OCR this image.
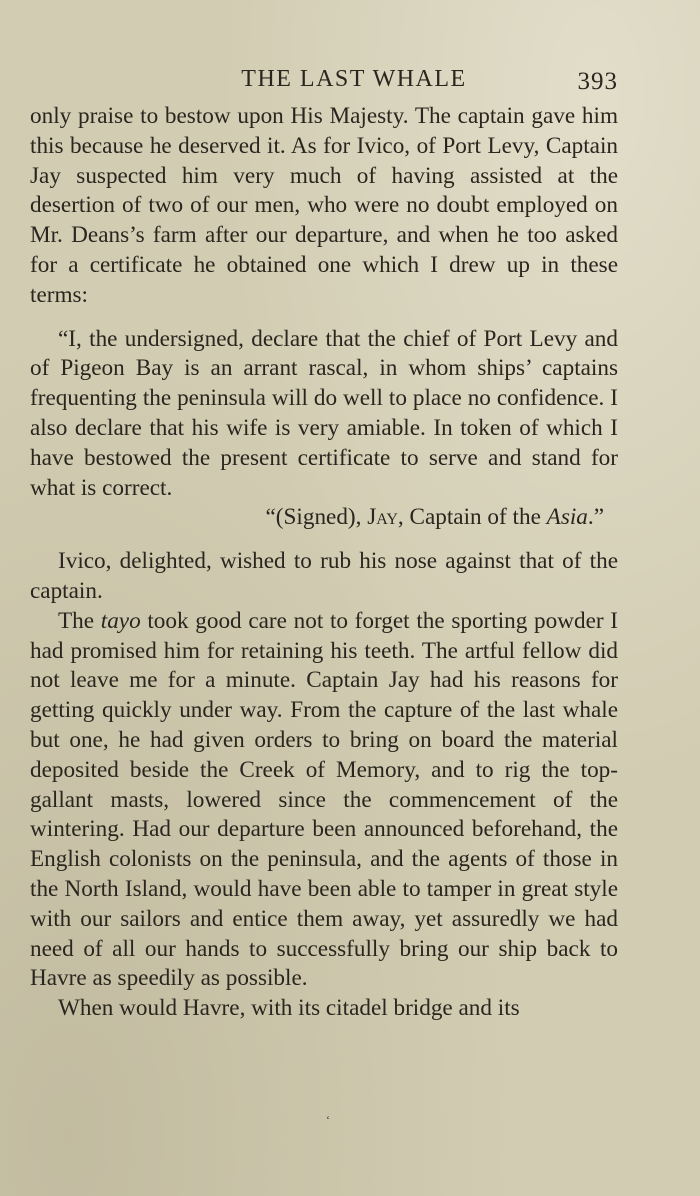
THE LAST WHALE	393

only praise to bestow upon His Majesty. The captain gave him this because he deserved it. As for Ivico, of Port Levy, Captain Jay suspected him very much of having assisted at the desertion of two of our men, who were no doubt employed on Mr. Deans’s farm after our departure, and when he too asked for a certificate he obtained one which I drew up in these terms:

“I, the undersigned, declare that the chief of Port Levy and of Pigeon Bay is an arrant rascal, in whom ships’ captains frequenting the peninsula will do well to place no confidence. I also declare that his wife is very amiable. In token of which I have bestowed the present certificate to serve and stand for what is correct.

“(Signed), Jay, Captain of the Asia.”

Ivico, delighted, wished to rub his nose against that of the captain.

The tayo took good care not to forget the sporting powder I had promised him for retaining his teeth. The artful fellow did not leave me for a minute. Captain Jay had his reasons for getting quickly under way. From the capture of the last whale but one, he had given orders to bring on board the material deposited beside the Creek of Memory, and to rig the top-gallant masts, lowered since the commencement of the wintering. Had our departure been announced beforehand, the English colonists on the peninsula, and the agents of those in the North Island, would have been able to tamper in great style with our sailors and entice them away, yet assuredly we had need of all our hands to successfully bring our ship back to Havre as speedily as possible.

When would Havre, with its citadel bridge and its

‘
